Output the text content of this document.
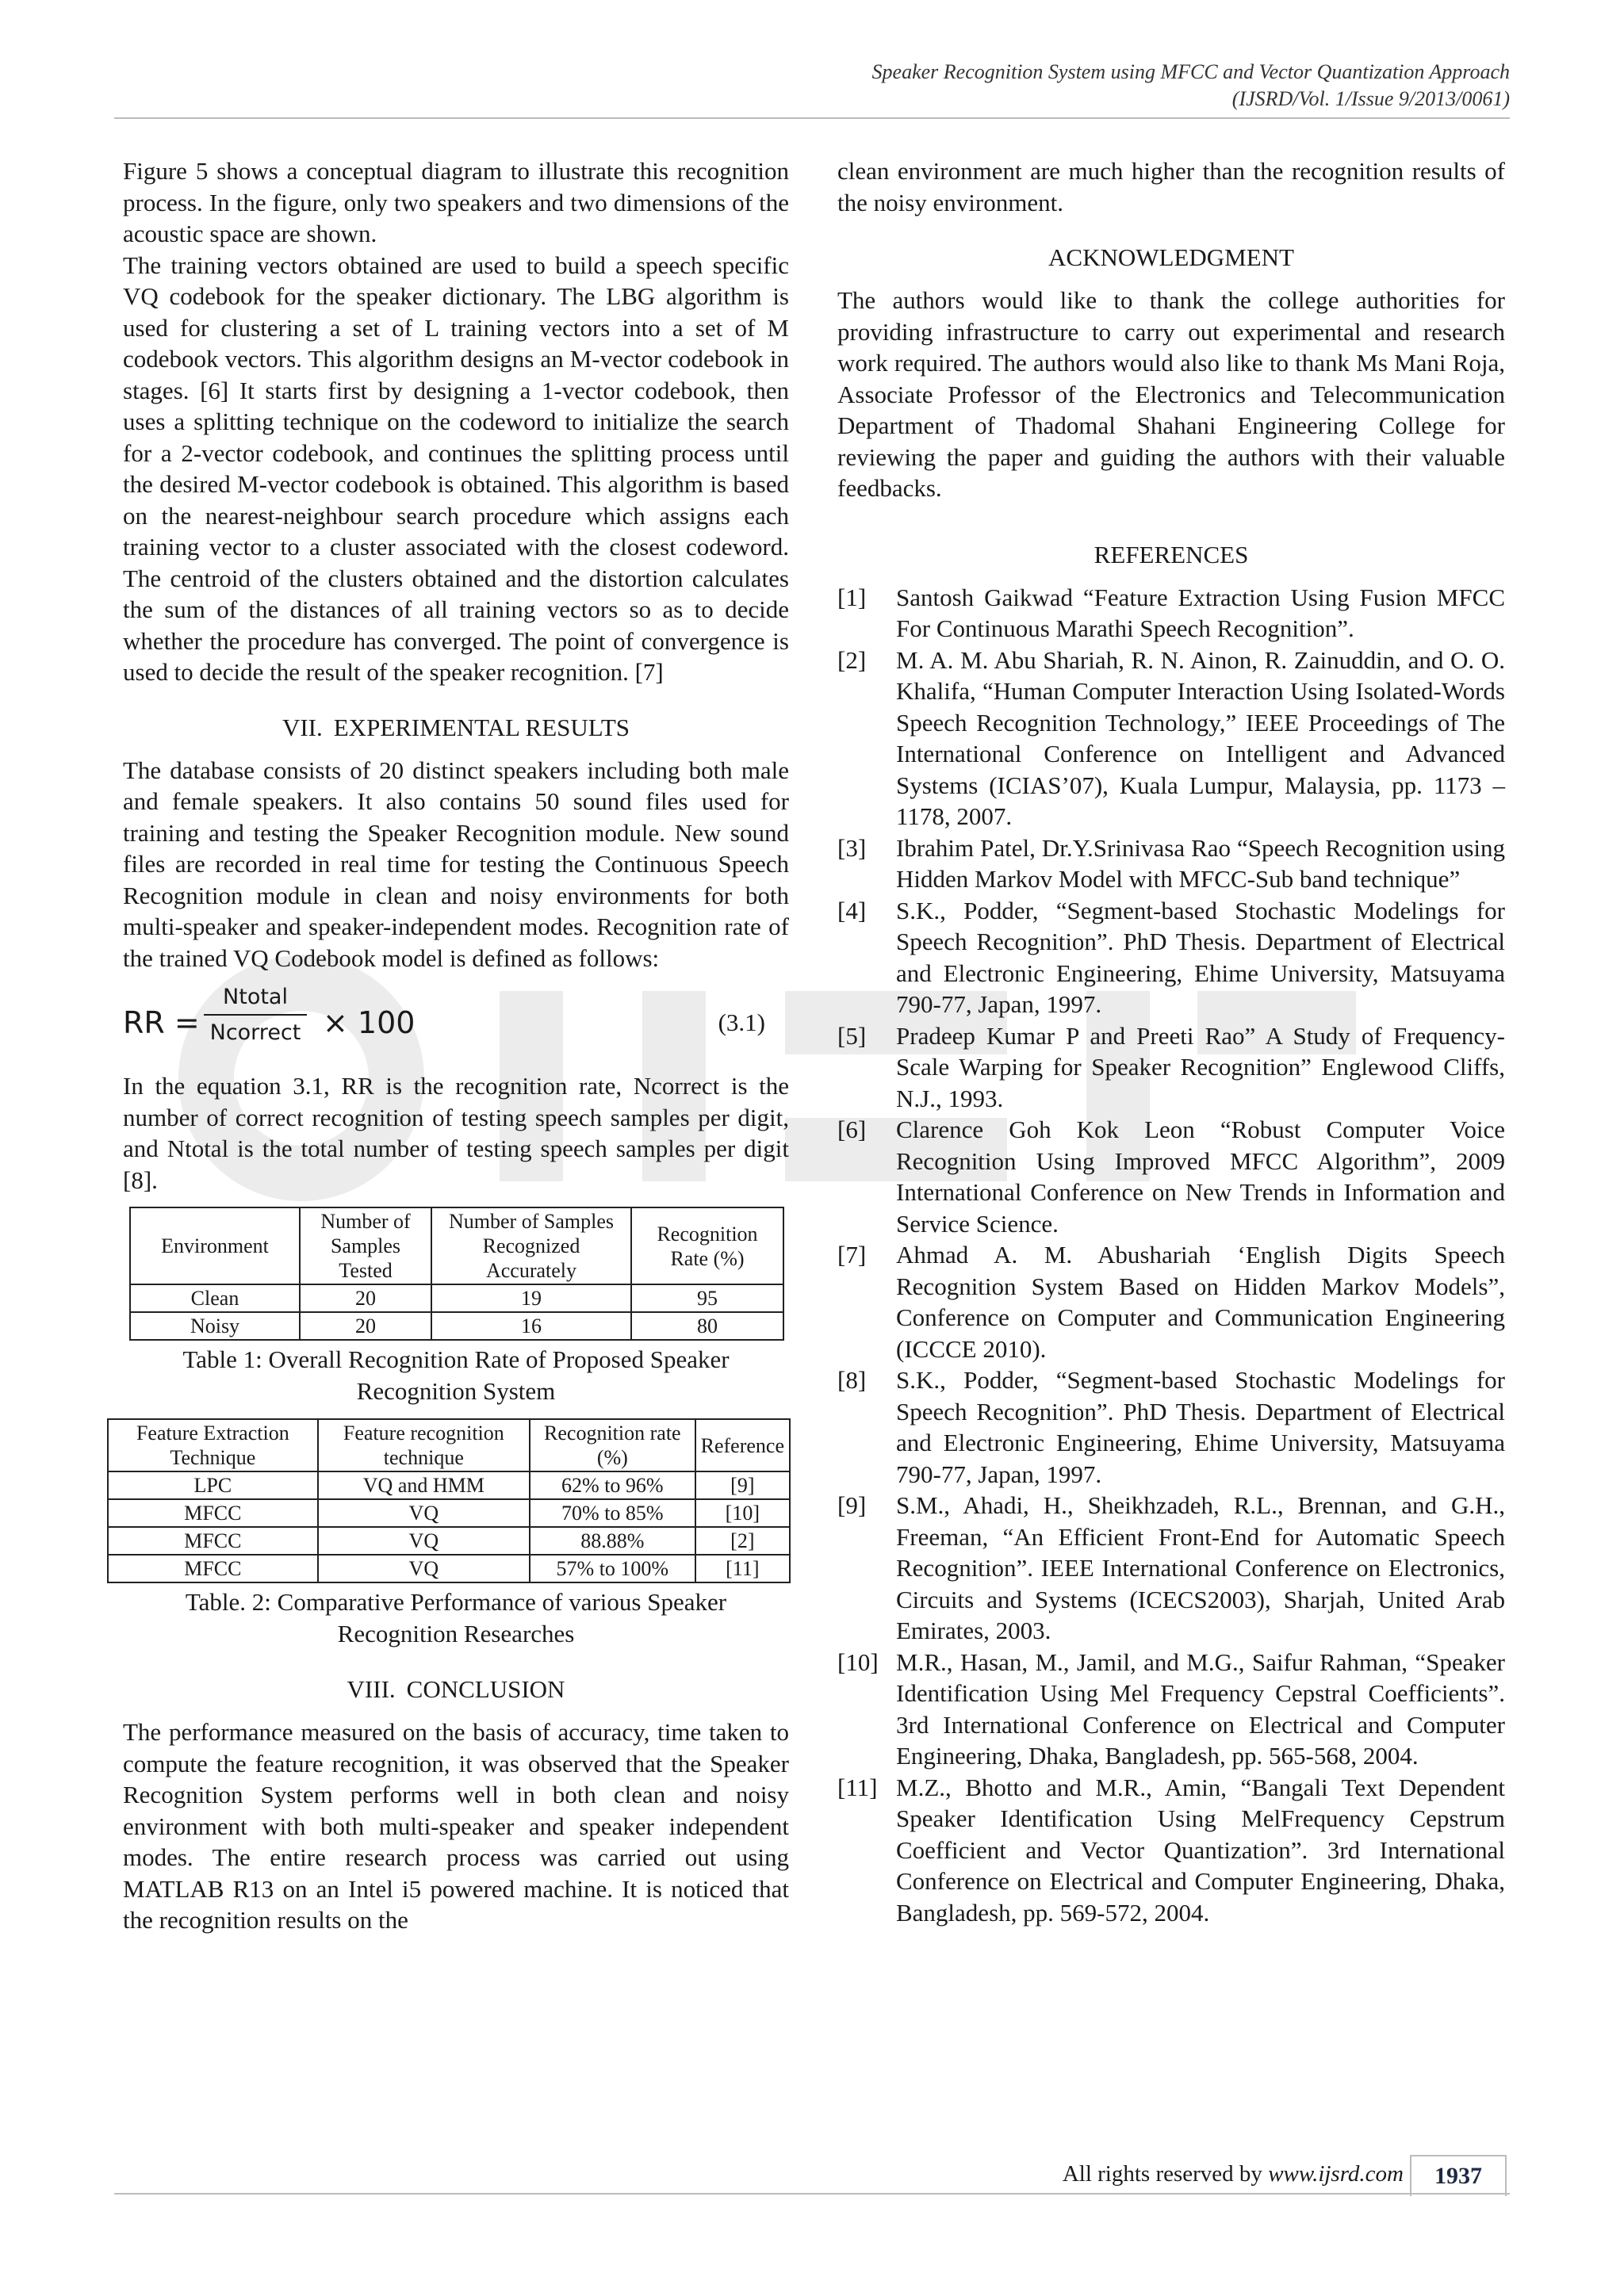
Speaker Recognition System using MFCC and Vector Quantization Approach
(IJSRD/Vol. 1/Issue 9/2013/0061)

Figure 5 shows a conceptual diagram to illustrate this recognition process. In the figure, only two speakers and two dimensions of the acoustic space are shown.

The training vectors obtained are used to build a speech specific VQ codebook for the speaker dictionary. The LBG algorithm is used for clustering a set of L training vectors into a set of M codebook vectors. This algorithm designs an M-vector codebook in stages. [6] It starts first by designing a 1-vector codebook, then uses a splitting technique on the codeword to initialize the search for a 2-vector codebook, and continues the splitting process until the desired M-vector codebook is obtained. This algorithm is based on the nearest-neighbour search procedure which assigns each training vector to a cluster associated with the closest codeword. The centroid of the clusters obtained and the distortion calculates the sum of the distances of all training vectors so as to decide whether the procedure has converged. The point of convergence is used to decide the result of the speaker recognition. [7]

VII. EXPERIMENTAL RESULTS

The database consists of 20 distinct speakers including both male and female speakers. It also contains 50 sound files used for training and testing the Speaker Recognition module. New sound files are recorded in real time for testing the Continuous Speech Recognition module in clean and noisy environments for both multi-speaker and speaker-independent modes. Recognition rate of the trained VQ Codebook model is defined as follows:

RR =
Ntotal
Ncorrect × 100	(3.1)

In the equation 3.1, RR is the recognition rate, Ncorrect is the number of correct recognition of testing speech samples per digit, and Ntotal is the total number of testing speech samples per digit [8].

Environment	Number of Samples Tested	Number of Samples Recognized Accurately	Recognition Rate (%)
Clean	20	19	95
Noisy	20	16	80
Table 1: Overall Recognition Rate of Proposed Speaker Recognition System
Feature Extraction Technique	Feature recognition technique	Recognition rate (%)	Reference
LPC	VQ and HMM	62% to 96%	[9]
MFCC	VQ	70% to 85%	[10]
MFCC	VQ	88.88%	[2]
MFCC	VQ	57% to 100%	[11]
Table. 2: Comparative Performance of various Speaker Recognition Researches
VIII. CONCLUSION

The performance measured on the basis of accuracy, time taken to compute the feature recognition, it was observed that the Speaker Recognition System performs well in both clean and noisy environment with both multi-speaker and speaker independent modes. The entire research process was carried out using MATLAB R13 on an Intel i5 powered machine. It is noticed that the recognition results on the

clean environment are much higher than the recognition results of the noisy environment.

ACKNOWLEDGMENT

The authors would like to thank the college authorities for providing infrastructure to carry out experimental and research work required. The authors would also like to thank Ms Mani Roja, Associate Professor of the Electronics and Telecommunication Department of Thadomal Shahani Engineering College for reviewing the paper and guiding the authors with their valuable feedbacks.

REFERENCES
[1]	Santosh Gaikwad “Feature Extraction Using Fusion MFCC For Continuous Marathi Speech Recognition”.
[2]	M. A. M. Abu Shariah, R. N. Ainon, R. Zainuddin, and O. O. Khalifa, “Human Computer Interaction Using Isolated-Words Speech Recognition Technology,” IEEE Proceedings of The International Conference on Intelligent and Advanced Systems (ICIAS’07), Kuala Lumpur, Malaysia, pp. 1173 – 1178, 2007.
[3]	Ibrahim Patel, Dr.Y.Srinivasa Rao “Speech Recognition using Hidden Markov Model with MFCC-Sub band technique”
[4]	S.K., Podder, “Segment-based Stochastic Modelings for Speech Recognition”. PhD Thesis. Department of Electrical and Electronic Engineering, Ehime University, Matsuyama 790-77, Japan, 1997.
[5]	Pradeep Kumar P and Preeti Rao” A Study of Frequency-Scale Warping for Speaker Recognition” Englewood Cliffs, N.J., 1993.
[6]	Clarence Goh Kok Leon “Robust Computer Voice Recognition Using Improved MFCC Algorithm”, 2009 International Conference on New Trends in Information and Service Science.
[7]	Ahmad A. M. Abushariah ‘English Digits Speech Recognition System Based on Hidden Markov Models”, Conference on Computer and Communication Engineering (ICCCE 2010).
[8]	S.K., Podder, “Segment-based Stochastic Modelings for Speech Recognition”. PhD Thesis. Department of Electrical and Electronic Engineering, Ehime University, Matsuyama 790-77, Japan, 1997.
[9]	S.M., Ahadi, H., Sheikhzadeh, R.L., Brennan, and G.H., Freeman, “An Efficient Front-End for Automatic Speech Recognition”. IEEE International Conference on Electronics, Circuits and Systems (ICECS2003), Sharjah, United Arab Emirates, 2003.
[10] M.R., Hasan, M., Jamil, and M.G., Saifur Rahman, “Speaker Identification Using Mel Frequency Cepstral Coefficients”. 3rd International Conference on Electrical and Computer Engineering, Dhaka, Bangladesh, pp. 565-568, 2004.
[11] M.Z., Bhotto and M.R., Amin, “Bangali Text Dependent Speaker Identification Using MelFrequency Cepstrum Coefficient and Vector Quantization”. 3rd International Conference on Electrical and Computer Engineering, Dhaka, Bangladesh, pp. 569-572, 2004.
All rights reserved by www.ijsrd.com	1937
